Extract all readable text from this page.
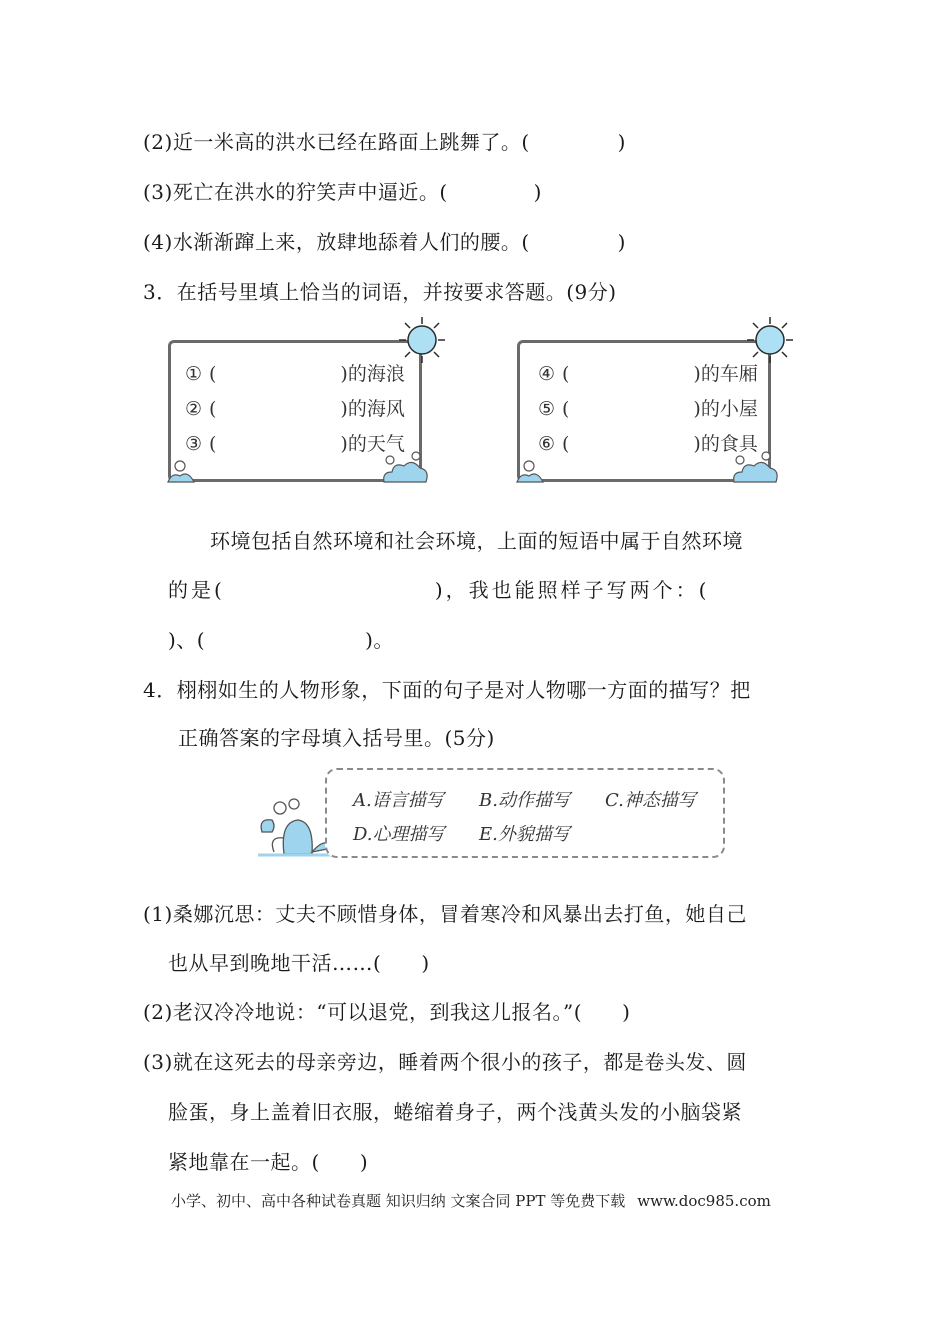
(2)近一米高的洪水已经在路面上跳舞了。(	)
(3)死亡在洪水的狞笑声中逼近。(	)
(4)水渐渐蹿上来，放肆地舔着人们的腰。(	)
3．在括号里填上恰当的词语，并按要求答题。(9分)
① (	)的海浪
② (	)的海风
③ (	)的天气
④ (	)的车厢
⑤ (	)的小屋
⑥ (	)的食具
环境包括自然环境和社会环境，上面的短语中属于自然环境
的是(	)，我也能照样子写两个：(
)、(	)。
4．栩栩如生的人物形象，下面的句子是对人物哪一方面的描写？把
正确答案的字母填入括号里。(5分)
A.语言描写 B.动作描写 C.神态描写
D.心理描写 E.外貌描写
(1)桑娜沉思：丈夫不顾惜身体，冒着寒冷和风暴出去打鱼，她自己
也从早到晚地干活……( )
(2)老汉冷冷地说：“可以退党，到我这儿报名。”( )
(3)就在这死去的母亲旁边，睡着两个很小的孩子，都是卷头发、圆
脸蛋，身上盖着旧衣服，蜷缩着身子，两个浅黄头发的小脑袋紧
紧地靠在一起。( )
小学、初中、高中各种试卷真题 知识归纳 文案合同 PPT 等免费下载 www.doc985.com
